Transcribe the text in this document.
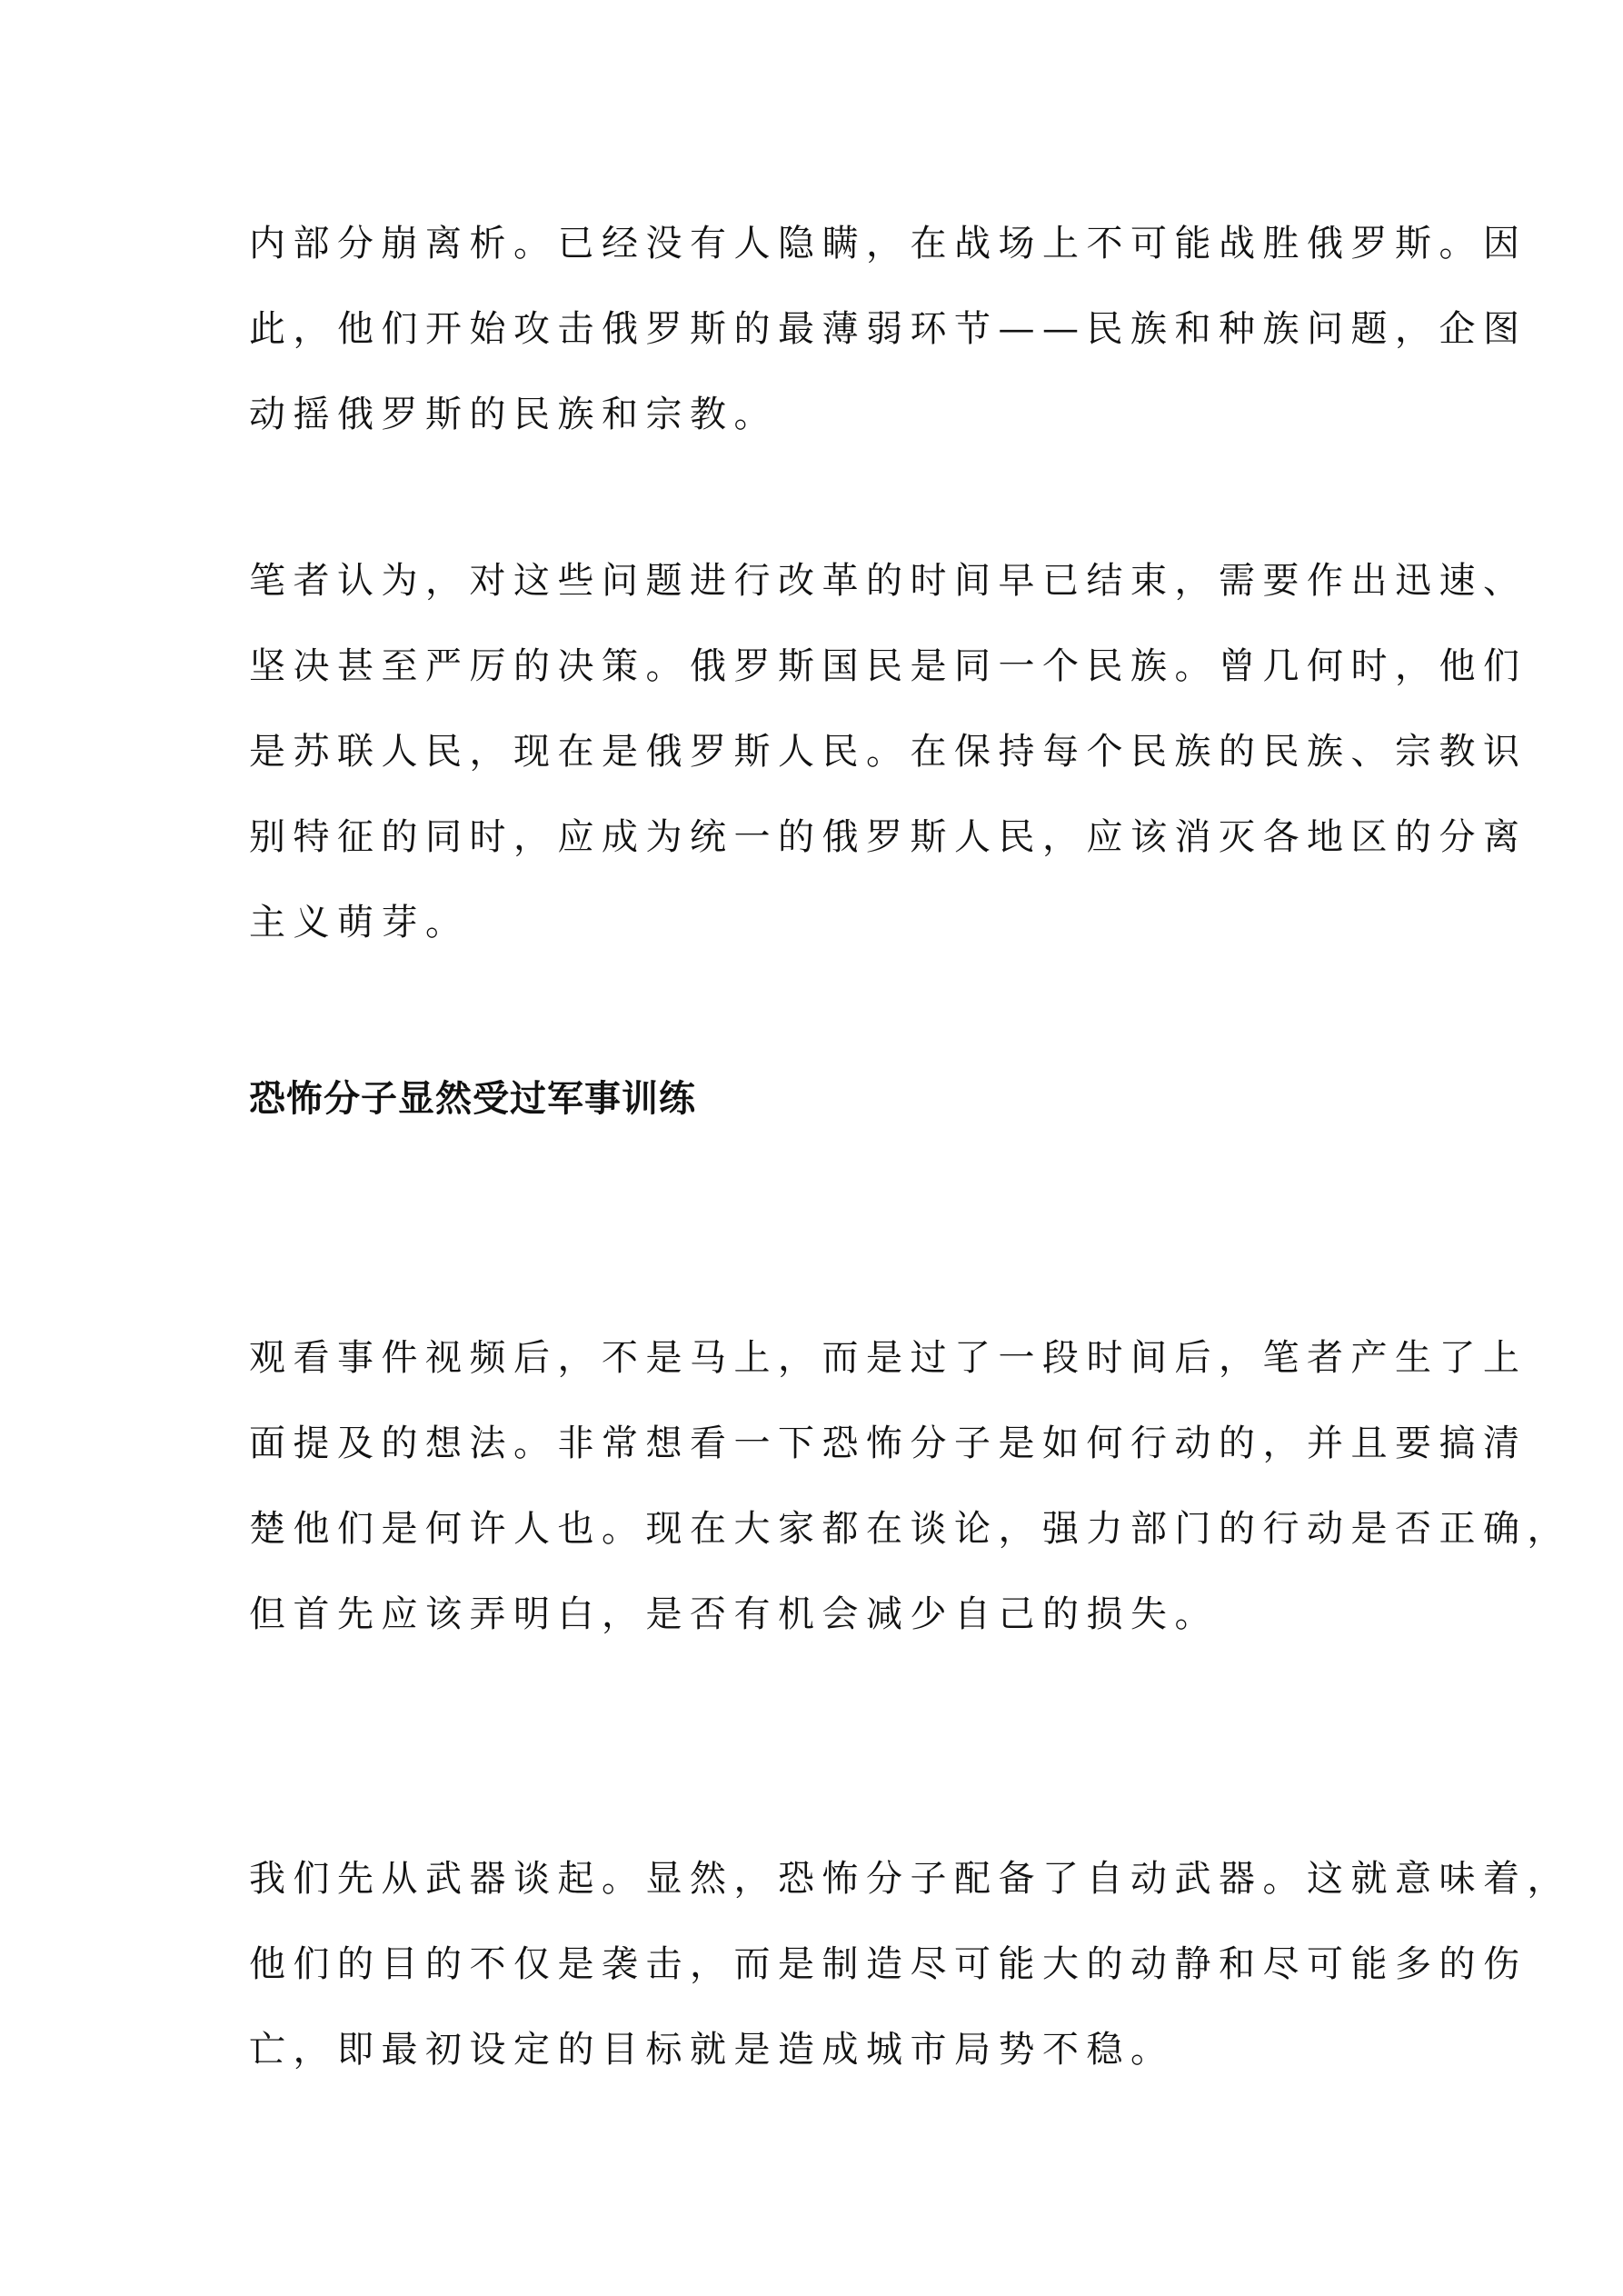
内部分崩离析。已经没有人隐瞒，在战场上不可能战胜俄罗斯。因
此，他们开始攻击俄罗斯的最薄弱环节——民族和种族问题，企图
动摇俄罗斯的民族和宗教。

笔者认为，对这些问题进行改革的时间早已结束，需要作出迅速、
坚决甚至严厉的决策。俄罗斯国民是同一个民族。曾几何时，他们
是苏联人民，现在是俄罗斯人民。在保持每个民族的民族、宗教识
别特征的同时，应成为统一的俄罗斯人民，应该消灭各地区的分离
主义萌芽。

恐怖分子显然受过军事训练

观看事件视频后，不是马上，而是过了一段时间后，笔者产生了上
面提及的想法。非常想看一下恐怖分子是如何行动的，并且要搞清
楚他们是何许人也。现在大家都在谈论，强力部门的行动是否正确，
但首先应该弄明白，是否有机会减少自己的损失。

我们先从武器谈起。显然，恐怖分子配备了自动武器。这就意味着，
他们的目的不仅是袭击，而是制造尽可能大的动静和尽可能多的伤
亡，即最初设定的目标就是造成城市局势不稳。
